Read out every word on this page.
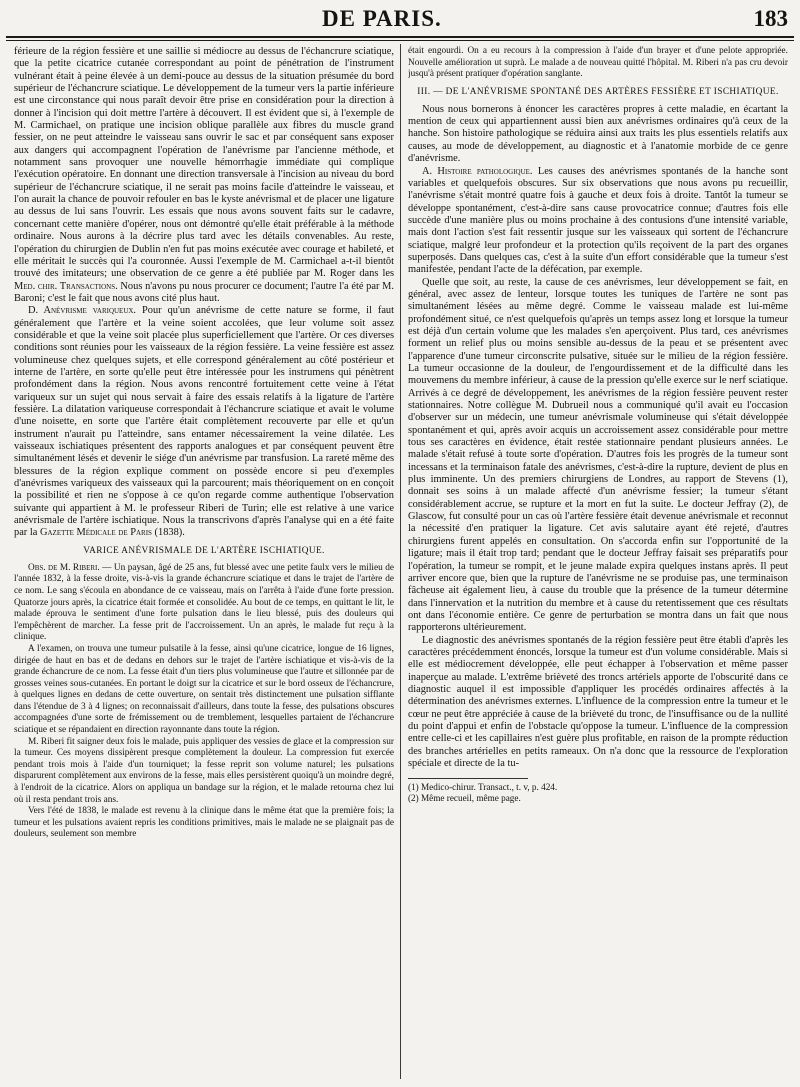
DE PARIS.	183

férieure de la région fessière et une saillie si médiocre au dessus de l'échancrure sciatique, que la petite cicatrice cutanée correspondant au point de pénétration de l'instrument vulnérant était à peine élevée à un demi-pouce au dessus de la situation présumée du bord supérieur de l'échancrure sciatique. Le développement de la tumeur vers la partie inférieure est une circonstance qui nous paraît devoir être prise en considération pour la direction à donner à l'incision qui doit mettre l'artère à découvert. Il est évident que si, à l'exemple de M. Carmichael, on pratique une incision oblique parallèle aux fibres du muscle grand fessier, on ne peut atteindre le vaisseau sans ouvrir le sac et par conséquent sans exposer aux dangers qui accompagnent l'opération de l'anévrisme par l'ancienne méthode, et notamment sans provoquer une nouvelle hémorrhagie immédiate qui complique l'exécution opératoire. En donnant une direction transversale à l'incision au niveau du bord supérieur de l'échancrure sciatique, il ne serait pas moins facile d'atteindre le vaisseau, et l'on aurait la chance de pouvoir refouler en bas le kyste anévrismal et de placer une ligature au dessus de lui sans l'ouvrir. Les essais que nous avons souvent faits sur le cadavre, concernant cette manière d'opérer, nous ont démontré qu'elle était préférable à la méthode ordinaire. Nous aurons à la décrire plus tard avec les détails convenables. Au reste, l'opération du chirurgien de Dublin n'en fut pas moins exécutée avec courage et habileté, et elle méritait le succès qui l'a couronnée. Aussi l'exemple de M. Carmichael a-t-il bientôt trouvé des imitateurs; une observation de ce genre a été publiée par M. Roger dans les Med. chir. Transactions. Nous n'avons pu nous procurer ce document; l'autre l'a été par M. Baroni; c'est le fait que nous avons cité plus haut.

D. Anévrisme variqueux. Pour qu'un anévrisme de cette nature se forme, il faut généralement que l'artère et la veine soient accolées, que leur volume soit assez considérable et que la veine soit placée plus superficiellement que l'artère. Or ces diverses conditions sont réunies pour les vaisseaux de la région fessière. La veine fessière est assez volumineuse chez quelques sujets, et elle correspond généralement au côté postérieur et interne de l'artère, en sorte qu'elle peut être intéressée pour les instrumens qui pénètrent profondément dans la région. Nous avons rencontré fortuitement cette veine à l'état variqueux sur un sujet qui nous servait à faire des essais relatifs à la ligature de l'artère fessière. La dilatation variqueuse correspondait à l'échancrure sciatique et avait le volume d'une noisette, en sorte que l'artère était complètement recouverte par elle et qu'un instrument n'aurait pu l'atteindre, sans entamer nécessairement la veine dilatée. Les vaisseaux ischiatiques présentent des rapports analogues et par conséquent peuvent être simultanément lésés et devenir le siége d'un anévrisme par transfusion. La rareté même des blessures de la région explique comment on possède encore si peu d'exemples d'anévrismes variqueux des vaisseaux qui la parcourent; mais théoriquement on en conçoit la possibilité et rien ne s'oppose à ce qu'on regarde comme authentique l'observation suivante qui appartient à M. le professeur Riberi de Turin; elle est relative à une varice anévrismale de l'artère ischiatique. Nous la transcrivons d'après l'analyse qui en a été faite par la Gazette Médicale de Paris (1838).

VARICE ANÉVRISMALE DE L'ARTÈRE ISCHIATIQUE.

Obs. de M. Riberi. — Un paysan, âgé de 25 ans, fut blessé avec une petite faulx vers le milieu de l'année 1832, à la fesse droite, vis-à-vis la grande échancrure sciatique et dans le trajet de l'artère de ce nom. Le sang s'écoula en abondance de ce vaisseau, mais on l'arrêta à l'aide d'une forte pression. Quatorze jours après, la cicatrice était formée et consolidée. Au bout de ce temps, en quittant le lit, le malade éprouva le sentiment d'une forte pulsation dans le lieu blessé, puis des douleurs qui l'empêchèrent de marcher. La fesse prit de l'accroissement. Un an après, le malade fut reçu à la clinique.

A l'examen, on trouva une tumeur pulsatile à la fesse, ainsi qu'une cicatrice, longue de 16 lignes, dirigée de haut en bas et de dedans en dehors sur le trajet de l'artère ischiatique et vis-à-vis de la grande échancrure de ce nom. La fesse était d'un tiers plus volumineuse que l'autre et sillonnée par de grosses veines sous-cutanées. En portant le doigt sur la cicatrice et sur le bord osseux de l'échancrure, à quelques lignes en dedans de cette ouverture, on sentait très distinctement une pulsation sifflante dans l'étendue de 3 à 4 lignes; on reconnaissait d'ailleurs, dans toute la fesse, des pulsations obscures accompagnées d'une sorte de frémissement ou de tremblement, lesquelles partaient de l'échancrure sciatique et se répandaient en direction rayonnante dans toute la région.

M. Riberi fit saigner deux fois le malade, puis appliquer des vessies de glace et la compression sur la tumeur. Ces moyens dissipèrent presque complètement la douleur. La compression fut exercée pendant trois mois à l'aide d'un tourniquet; la fesse reprit son volume naturel; les pulsations disparurent complètement aux environs de la fesse, mais elles persistèrent quoiqu'à un moindre degré, à l'endroit de la cicatrice. Alors on appliqua un bandage sur la région, et le malade retourna chez lui où il resta pendant trois ans.

Vers l'été de 1838, le malade est revenu à la clinique dans le même état que la première fois; la tumeur et les pulsations avaient repris les conditions primitives, mais le malade ne se plaignait pas de douleurs, seulement son membre

était engourdi. On a eu recours à la compression à l'aide d'un brayer et d'une pelote appropriée. Nouvelle amélioration ut suprà. Le malade a de nouveau quitté l'hôpital. M. Riberi n'a pas cru devoir jusqu'à présent pratiquer d'opération sanglante.

III. — DE L'ANÉVRISME SPONTANÉ DES ARTÈRES FESSIÈRE ET ISCHIATIQUE.

Nous nous bornerons à énoncer les caractères propres à cette maladie, en écartant la mention de ceux qui appartiennent aussi bien aux anévrismes ordinaires qu'à ceux de la hanche. Son histoire pathologique se réduira ainsi aux traits les plus essentiels relatifs aux causes, au mode de développement, au diagnostic et à l'anatomie morbide de ce genre d'anévrisme.

A. Histoire pathologique. Les causes des anévrismes spontanés de la hanche sont variables et quelquefois obscures. Sur six observations que nous avons pu recueillir, l'anévrisme s'était montré quatre fois à gauche et deux fois à droite. Tantôt la tumeur se développe spontanément, c'est-à-dire sans cause provocatrice connue; d'autres fois elle succède d'une manière plus ou moins prochaine à des contusions d'une intensité variable, mais dont l'action s'est fait ressentir jusque sur les vaisseaux qui sortent de l'échancrure sciatique, malgré leur profondeur et la protection qu'ils reçoivent de la part des organes superposés. Dans quelques cas, c'est à la suite d'un effort considérable que la tumeur s'est manifestée, pendant l'acte de la défécation, par exemple.

Quelle que soit, au reste, la cause de ces anévrismes, leur développement se fait, en général, avec assez de lenteur, lorsque toutes les tuniques de l'artère ne sont pas simultanément lésées au même degré. Comme le vaisseau malade est lui-même profondément situé, ce n'est quelquefois qu'après un temps assez long et lorsque la tumeur est déjà d'un certain volume que les malades s'en aperçoivent. Plus tard, ces anévrismes forment un relief plus ou moins sensible au-dessus de la peau et se présentent avec l'apparence d'une tumeur circonscrite pulsative, située sur le milieu de la région fessière. La tumeur occasionne de la douleur, de l'engourdissement et de la difficulté dans les mouvemens du membre inférieur, à cause de la pression qu'elle exerce sur le nerf sciatique. Arrivés à ce degré de développement, les anévrismes de la région fessière peuvent rester stationnaires. Notre collègue M. Dubrueil nous a communiqué qu'il avait eu l'occasion d'observer sur un médecin, une tumeur anévrismale volumineuse qui s'était développée spontanément et qui, après avoir acquis un accroissement assez considérable pour mettre tous ses caractères en évidence, était restée stationnaire pendant plusieurs années. Le malade s'était refusé à toute sorte d'opération. D'autres fois les progrès de la tumeur sont incessans et la terminaison fatale des anévrismes, c'est-à-dire la rupture, devient de plus en plus imminente. Un des premiers chirurgiens de Londres, au rapport de Stevens (1), donnait ses soins à un malade affecté d'un anévrisme fessier; la tumeur s'étant considérablement accrue, se rupture et la mort en fut la suite. Le docteur Jeffray (2), de Glascow, fut consulté pour un cas où l'artère fessière était devenue anévrismale et reconnut la nécessité d'en pratiquer la ligature. Cet avis salutaire ayant été rejeté, d'autres chirurgiens furent appelés en consultation. On s'accorda enfin sur l'opportunité de la ligature; mais il était trop tard; pendant que le docteur Jeffray faisait ses préparatifs pour l'opération, la tumeur se rompit, et le jeune malade expira quelques instans après. Il peut arriver encore que, bien que la rupture de l'anévrisme ne se produise pas, une terminaison fâcheuse ait également lieu, à cause du trouble que la présence de la tumeur détermine dans l'innervation et la nutrition du membre et à cause du retentissement que ces résultats ont dans l'économie entière. Ce genre de perturbation se montra dans un fait que nous rapporterons ultérieurement.

Le diagnostic des anévrismes spontanés de la région fessière peut être établi d'après les caractères précédemment énoncés, lorsque la tumeur est d'un volume considérable. Mais si elle est médiocrement développée, elle peut échapper à l'observation et même passer inaperçue au malade. L'extrême brièveté des troncs artériels apporte de l'obscurité dans ce diagnostic auquel il est impossible d'appliquer les procédés ordinaires affectés à la détermination des anévrismes externes. L'influence de la compression entre la tumeur et le cœur ne peut être appréciée à cause de la brièveté du tronc, de l'insuffisance ou de la nullité du point d'appui et enfin de l'obstacle qu'oppose la tumeur. L'influence de la compression entre celle-ci et les capillaires n'est guère plus profitable, en raison de la prompte réduction des branches artérielles en petits rameaux. On n'a donc que la ressource de l'exploration spéciale et directe de la tu-

(1) Medico-chirur. Transact., t. v, p. 424.

(2) Même recueil, même page.
